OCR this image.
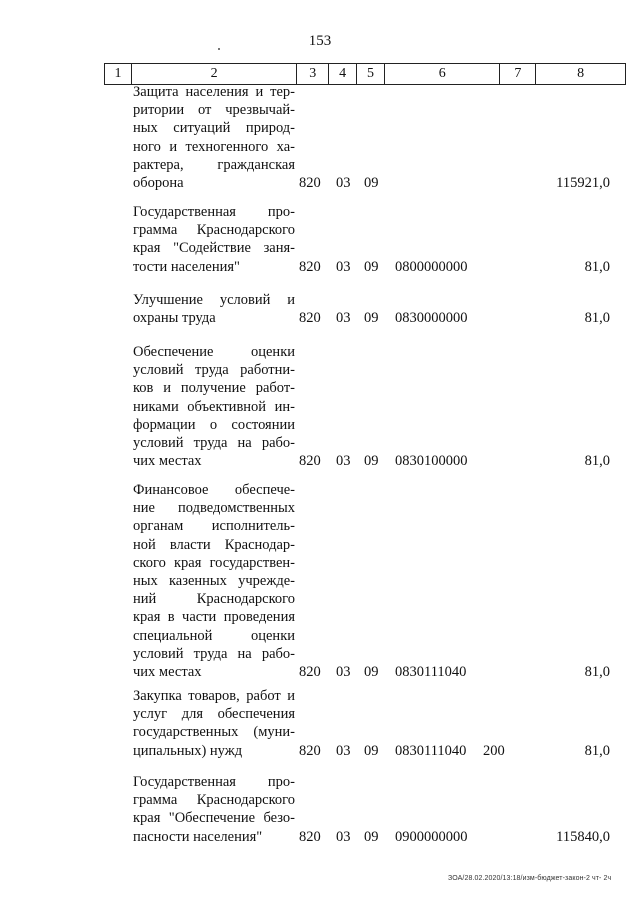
153
1	2	3	4	5	6	7	8
Защита населения и тер-
ритории от чрезвычай-
ных ситуаций природ-
ного и техногенного ха-
рактера, гражданская
оборона	820 03 09	115921,0
Государственная про-
грамма Краснодарского
края "Содействие заня-
тости населения"	820 03 09 0800000000	81,0
Улучшение условий и
охраны труда	820 03 09 0830000000	81,0
Обеспечение оценки
условий труда работни-
ков и получение работ-
никами объективной ин-
формации о состоянии
условий труда на рабо-
чих местах	820 03 09 0830100000	81,0
Финансовое обеспече-
ние подведомственных
органам исполнитель-
ной власти Краснодар-
ского края государствен-
ных казенных учрежде-
ний Краснодарского
края в части проведения
специальной оценки
условий труда на рабо-
чих местах	820 03 09 0830111040	81,0
Закупка товаров, работ и
услуг для обеспечения
государственных (муни-
ципальных) нужд	820 03 09 0830111040 200	81,0
Государственная про-
грамма Краснодарского
края "Обеспечение безо-
пасности населения"	820 03 09 0900000000	115840,0
ЗОА/28.02.2020/13:18/изм-бюджет-закон-2 чт- 2ч
